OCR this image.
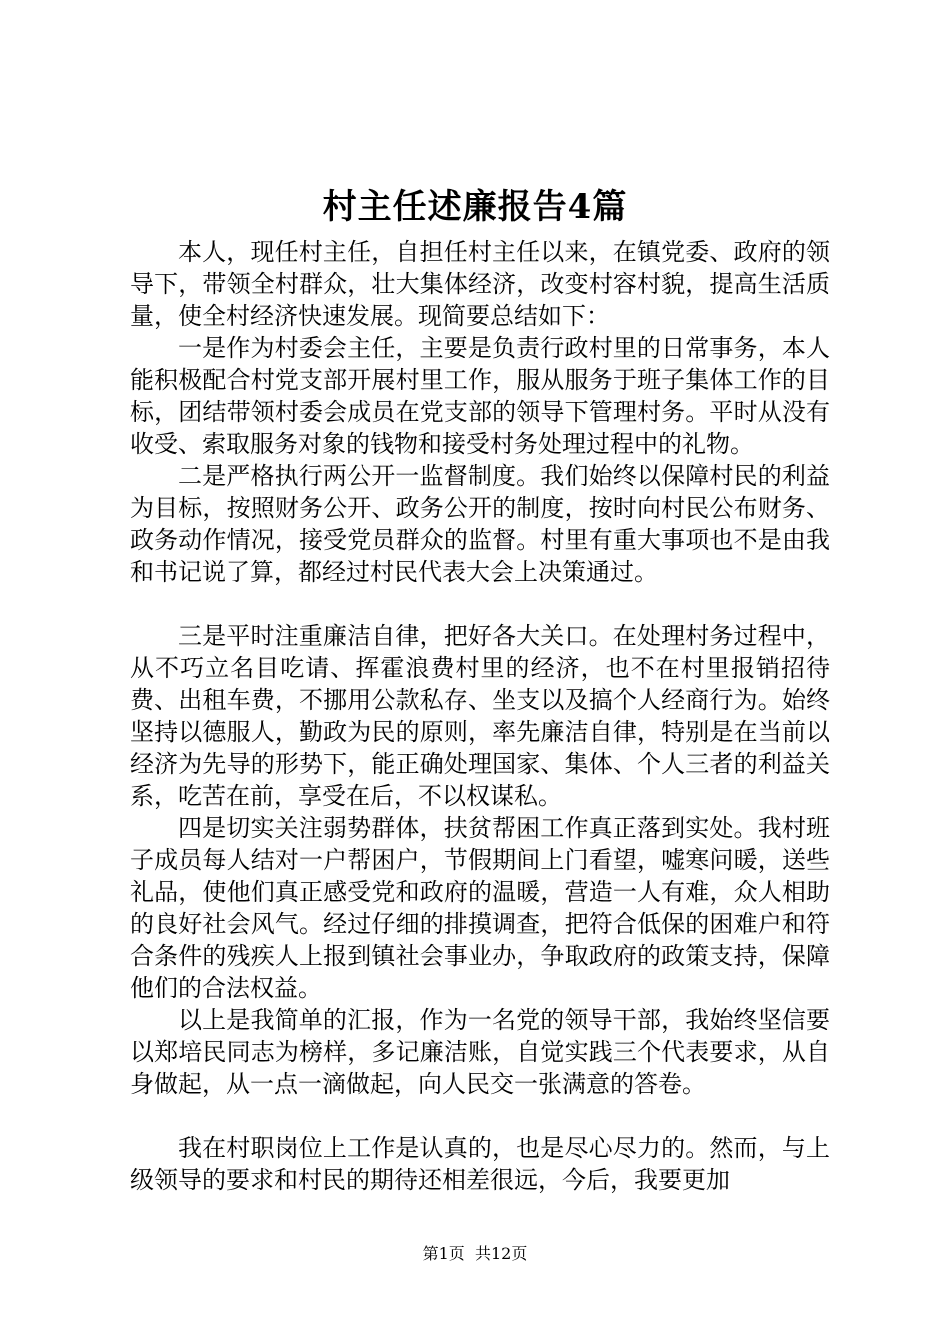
村主任述廉报告4篇

本人，现任村主任，自担任村主任以来，在镇党委、政府的领导下，带领全村群众，壮大集体经济，改变村容村貌，提高生活质量，使全村经济快速发展。现简要总结如下：

一是作为村委会主任，主要是负责行政村里的日常事务，本人能积极配合村党支部开展村里工作，服从服务于班子集体工作的目标，团结带领村委会成员在党支部的领导下管理村务。平时从没有收受、索取服务对象的钱物和接受村务处理过程中的礼物。

二是严格执行两公开一监督制度。我们始终以保障村民的利益为目标，按照财务公开、政务公开的制度，按时向村民公布财务、政务动作情况，接受党员群众的监督。村里有重大事项也不是由我和书记说了算，都经过村民代表大会上决策通过。

三是平时注重廉洁自律，把好各大关口。在处理村务过程中，从不巧立名目吃请、挥霍浪费村里的经济，也不在村里报销招待费、出租车费，不挪用公款私存、坐支以及搞个人经商行为。始终坚持以德服人，勤政为民的原则，率先廉洁自律，特别是在当前以经济为先导的形势下，能正确处理国家、集体、个人三者的利益关系，吃苦在前，享受在后，不以权谋私。

四是切实关注弱势群体，扶贫帮困工作真正落到实处。我村班子成员每人结对一户帮困户，节假期间上门看望，嘘寒问暖，送些礼品，使他们真正感受党和政府的温暖，营造一人有难，众人相助的良好社会风气。经过仔细的排摸调查，把符合低保的困难户和符合条件的残疾人上报到镇社会事业办，争取政府的政策支持，保障他们的合法权益。

以上是我简单的汇报，作为一名党的领导干部，我始终坚信要以郑培民同志为榜样，多记廉洁账，自觉实践三个代表要求，从自身做起，从一点一滴做起，向人民交一张满意的答卷。

我在村职岗位上工作是认真的，也是尽心尽力的。然而，与上级领导的要求和村民的期待还相差很远，今后，我要更加

第1页 共12页
